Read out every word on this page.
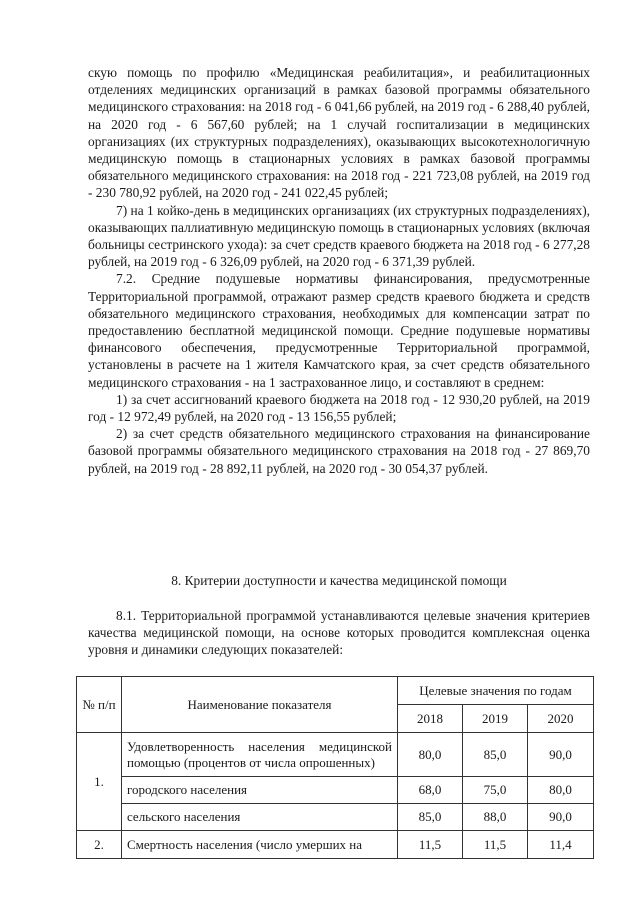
скую помощь по профилю «Медицинская реабилитация», и реабилитационных отделениях медицинских организаций в рамках базовой программы обязательного медицинского страхования: на 2018 год - 6 041,66 рублей, на 2019 год - 6 288,40 рублей, на 2020 год - 6 567,60 рублей; на 1 случай госпитализации в медицинских организациях (их структурных подразделениях), оказывающих высокотехнологичную медицинскую помощь в стационарных условиях в рамках базовой программы обязательного медицинского страхования: на 2018 год - 221 723,08 рублей, на 2019 год - 230 780,92 рублей, на 2020 год - 241 022,45 рублей;

7) на 1 койко-день в медицинских организациях (их структурных подразделениях), оказывающих паллиативную медицинскую помощь в стационарных условиях (включая больницы сестринского ухода): за счет средств краевого бюджета на 2018 год - 6 277,28 рублей, на 2019 год - 6 326,09 рублей, на 2020 год - 6 371,39 рублей.

7.2. Средние подушевые нормативы финансирования, предусмотренные Территориальной программой, отражают размер средств краевого бюджета и средств обязательного медицинского страхования, необходимых для компенсации затрат по предоставлению бесплатной медицинской помощи. Средние подушевые нормативы финансового обеспечения, предусмотренные Территориальной программой, установлены в расчете на 1 жителя Камчатского края, за счет средств обязательного медицинского страхования - на 1 застрахованное лицо, и составляют в среднем:

1) за счет ассигнований краевого бюджета на 2018 год - 12 930,20 рублей, на 2019 год - 12 972,49 рублей, на 2020 год - 13 156,55 рублей;

2) за счет средств обязательного медицинского страхования на финансирование базовой программы обязательного медицинского страхования на 2018 год - 27 869,70 рублей, на 2019 год - 28 892,11 рублей, на 2020 год - 30 054,37 рублей.

8. Критерии доступности и качества медицинской помощи

8.1. Территориальной программой устанавливаются целевые значения критериев качества медицинской помощи, на основе которых проводится комплексная оценка уровня и динамики следующих показателей:

№ п/п	Наименование показателя	Целевые значения по годам		
		2018	2019	2020
1.	Удовлетворенность населения медицинской помощью (процентов от числа опрошенных)	80,0	85,0	90,0
	городского населения	68,0	75,0	80,0
	сельского населения	85,0	88,0	90,0
2.	Смертность населения (число умерших на	11,5	11,5	11,4
